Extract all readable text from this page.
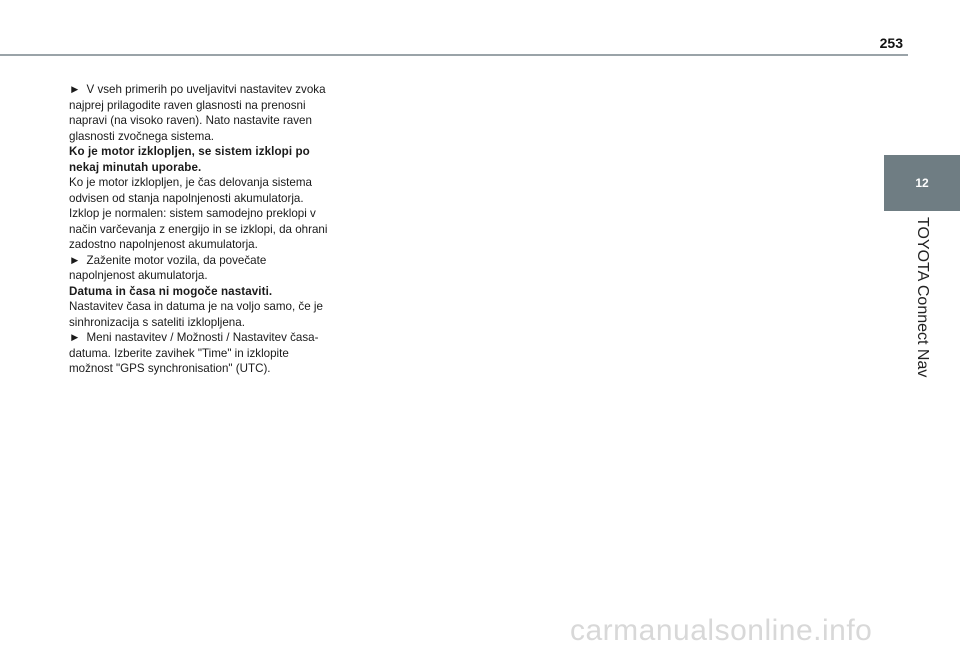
253
12
TOYOTA Connect Nav

► V vseh primerih po uveljavitvi nastavitev zvoka najprej prilagodite raven glasnosti na prenosni napravi (na visoko raven). Nato nastavite raven glasnosti zvočnega sistema.

Ko je motor izklopljen, se sistem izklopi po nekaj minutah uporabe.

Ko je motor izklopljen, je čas delovanja sistema odvisen od stanja napolnjenosti akumulatorja.

Izklop je normalen: sistem samodejno preklopi v način varčevanja z energijo in se izklopi, da ohrani zadostno napolnjenost akumulatorja.

► Zaženite motor vozila, da povečate napolnjenost akumulatorja.

Datuma in časa ni mogoče nastaviti.

Nastavitev časa in datuma je na voljo samo, če je sinhronizacija s sateliti izklopljena.

► Meni nastavitev / Možnosti / Nastavitev časa-datuma. Izberite zavihek "Time" in izklopite možnost "GPS synchronisation" (UTC).

carmanualsonline.info
